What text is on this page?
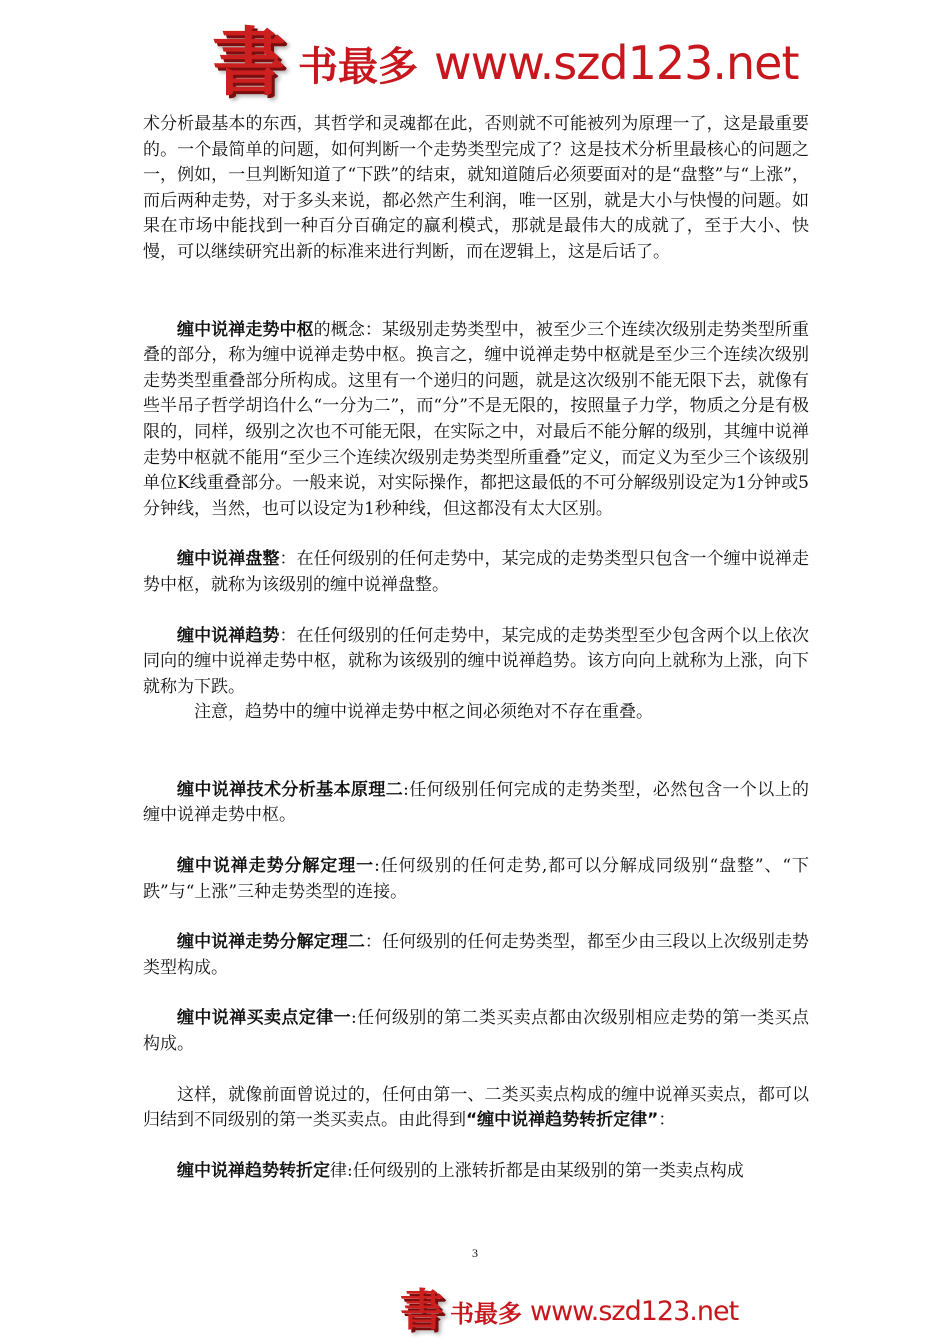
書 书最多 www.szd123.net

术分析最基本的东西，其哲学和灵魂都在此，否则就不可能被列为原理一了，这是最重要的。一个最简单的问题，如何判断一个走势类型完成了？这是技术分析里最核心的问题之一，例如，一旦判断知道了“下跌”的结束，就知道随后必须要面对的是“盘整”与“上涨”，而后两种走势，对于多头来说，都必然产生利润，唯一区别，就是大小与快慢的问题。如果在市场中能找到一种百分百确定的赢利模式，那就是最伟大的成就了，至于大小、快慢，可以继续研究出新的标准来进行判断，而在逻辑上，这是后话了。

缠中说禅走势中枢的概念：某级别走势类型中，被至少三个连续次级别走势类型所重叠的部分，称为缠中说禅走势中枢。换言之，缠中说禅走势中枢就是至少三个连续次级别走势类型重叠部分所构成。这里有一个递归的问题，就是这次级别不能无限下去，就像有些半吊子哲学胡诌什么“一分为二”，而“分”不是无限的，按照量子力学，物质之分是有极限的，同样，级别之次也不可能无限，在实际之中，对最后不能分解的级别，其缠中说禅走势中枢就不能用“至少三个连续次级别走势类型所重叠”定义，而定义为至少三个该级别单位K线重叠部分。一般来说，对实际操作，都把这最低的不可分解级别设定为1分钟或5分钟线，当然，也可以设定为1秒种线，但这都没有太大区别。

缠中说禅盘整：在任何级别的任何走势中，某完成的走势类型只包含一个缠中说禅走势中枢，就称为该级别的缠中说禅盘整。

缠中说禅趋势：在任何级别的任何走势中，某完成的走势类型至少包含两个以上依次同向的缠中说禅走势中枢，就称为该级别的缠中说禅趋势。该方向向上就称为上涨，向下就称为下跌。

注意，趋势中的缠中说禅走势中枢之间必须绝对不存在重叠。

缠中说禅技术分析基本原理二:任何级别任何完成的走势类型，必然包含一个以上的缠中说禅走势中枢。

缠中说禅走势分解定理一:任何级别的任何走势,都可以分解成同级别“盘整”、“下跌”与“上涨”三种走势类型的连接。

缠中说禅走势分解定理二：任何级别的任何走势类型，都至少由三段以上次级别走势类型构成。

缠中说禅买卖点定律一:任何级别的第二类买卖点都由次级别相应走势的第一类买点构成。

这样，就像前面曾说过的，任何由第一、二类买卖点构成的缠中说禅买卖点，都可以归结到不同级别的第一类买卖点。由此得到“缠中说禅趋势转折定律”：

缠中说禅趋势转折定律:任何级别的上涨转折都是由某级别的第一类卖点构成

3
書 书最多 www.szd123.net
